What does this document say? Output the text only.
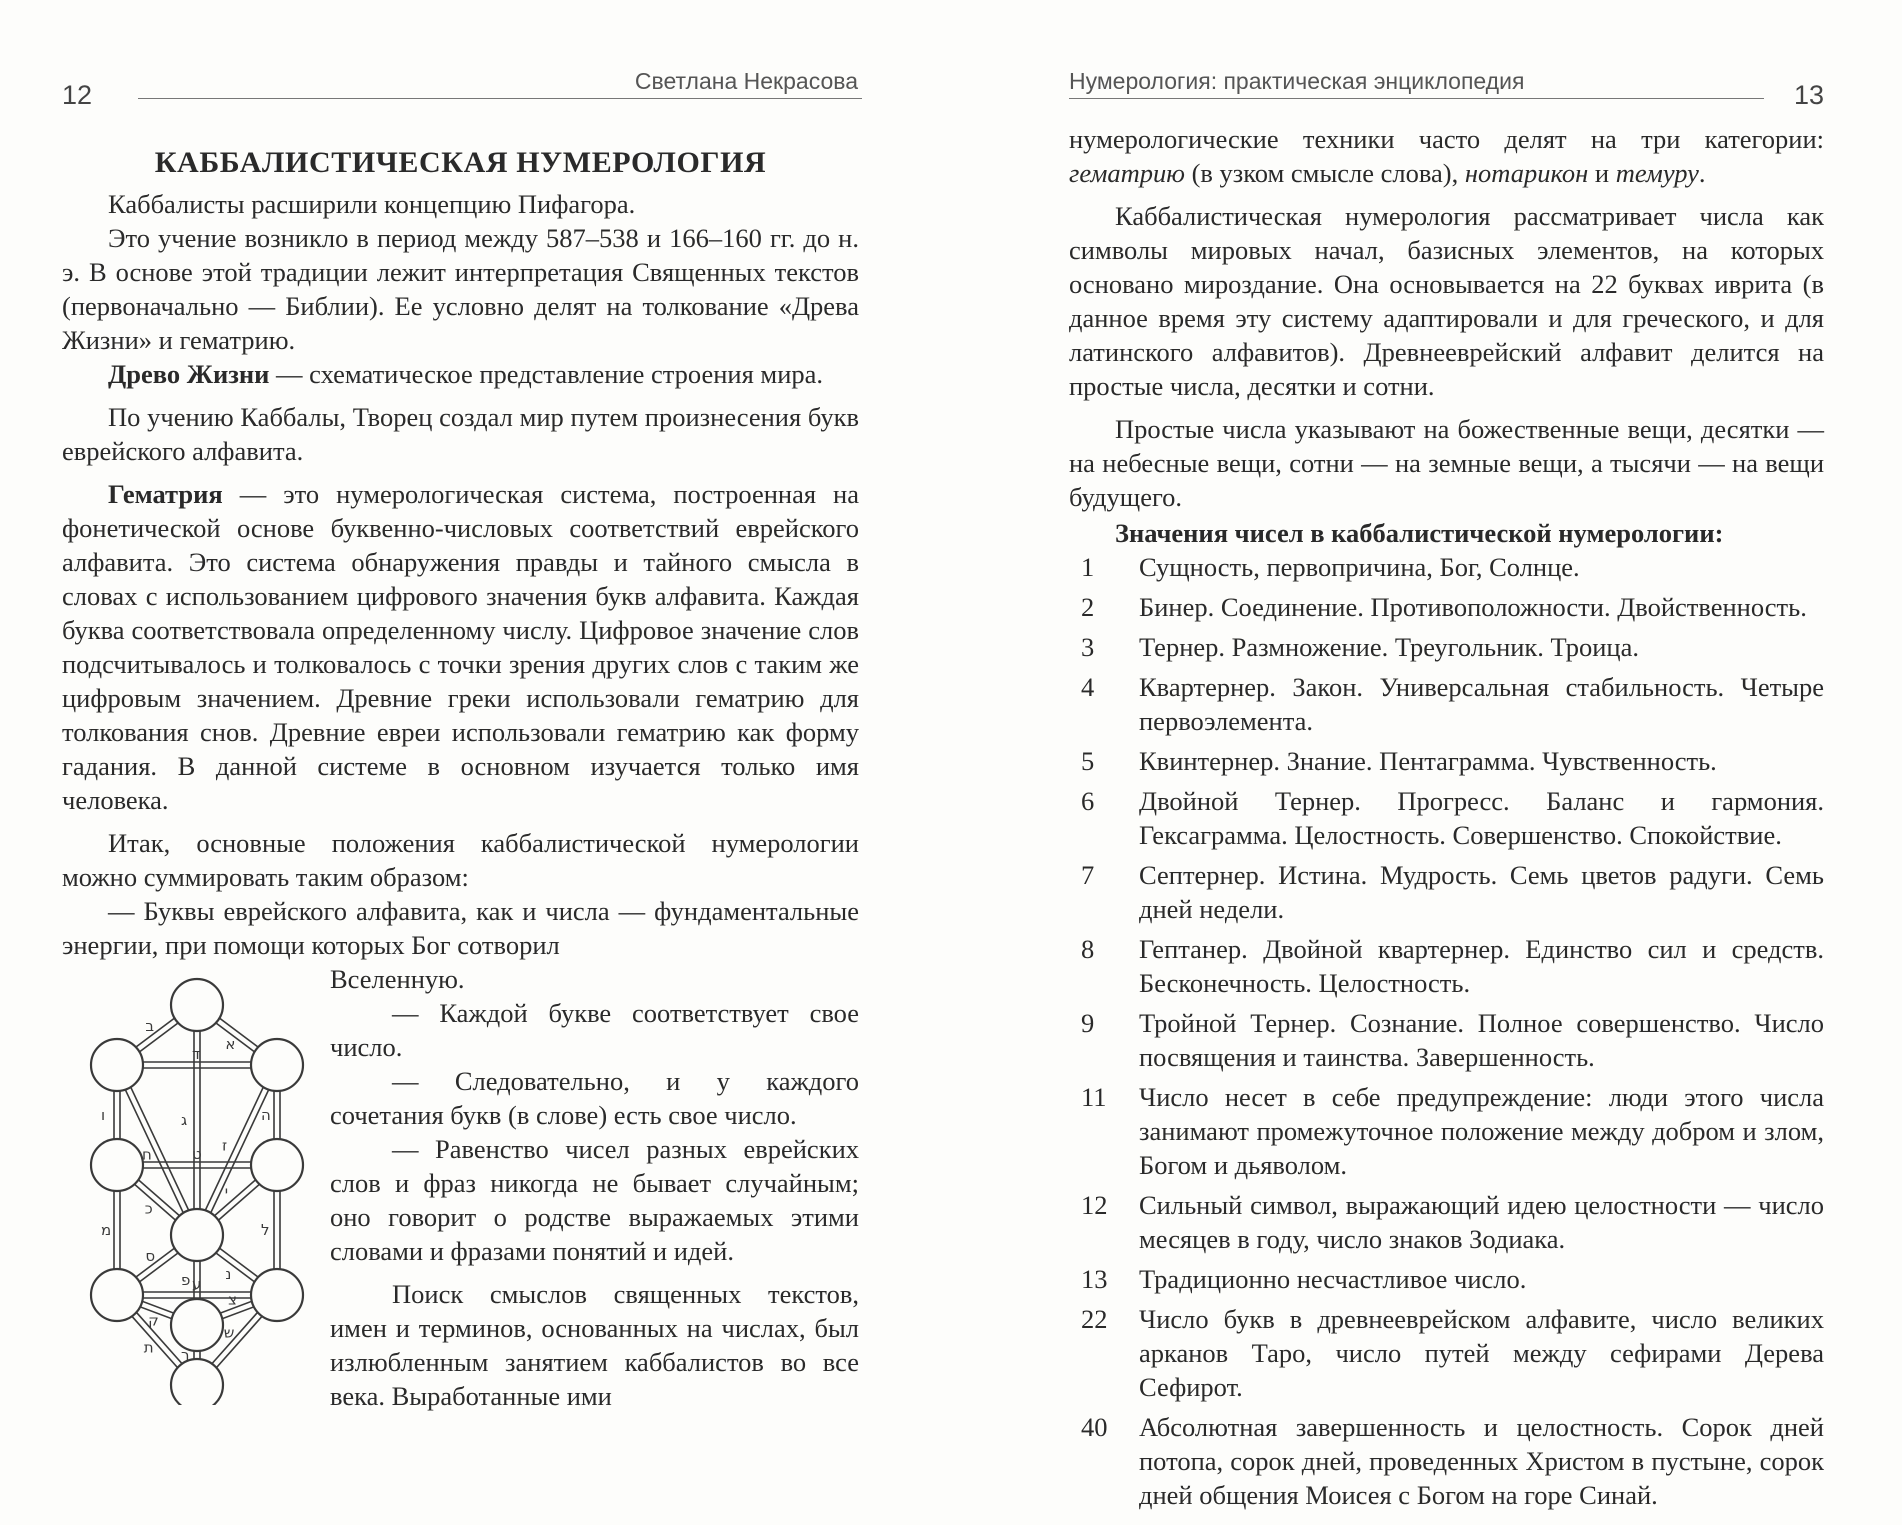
12	Светлана Некрасова
КАББАЛИСТИЧЕСКАЯ НУМЕРОЛОГИЯ

Каббалисты расширили концепцию Пифагора.

Это учение возникло в период между 587–538 и 166–160 гг. до н. э. В основе этой традиции лежит интерпретация Священных текстов (первоначально — Библии). Ее условно делят на толкование «Древа Жизни» и гематрию.

Древо Жизни — схематическое представление строения мира.

По учению Каббалы, Творец создал мир путем произнесения букв еврейского алфавита.

Гематрия — это нумерологическая система, построенная на фонетической основе буквенно-числовых соответствий еврейского алфавита. Это система обнаружения правды и тайного смысла в словах с использованием цифрового значения букв алфавита. Каждая буква соответствовала определенному числу. Цифровое значение слов подсчитывалось и толковалось с точки зрения других слов с таким же цифровым значением. Древние греки использовали гематрию для толкования снов. Древние евреи использовали гематрию как форму гадания. В данной системе в основном изучается только имя человека.

Итак, основные положения каббалистической нумерологии можно суммировать таким образом:

— Буквы еврейского алфавита, как и числа — фундаментальные энергии, при помощи которых Бог сотворил

א
ב
ג
ד
ה
ו
ז
ח	ט
י
כ
ל
מ
נ
ס
ע
פ
צ
ק
ר
ש
ת

Вселенную.

— Каждой букве соответствует свое число.

— Следовательно, и у каждого сочетания букв (в слове) есть свое число.

— Равенство чисел разных еврейских слов и фраз никогда не бывает случайным; оно говорит о родстве выражаемых этими словами и фразами понятий и идей.

Поиск смыслов священных текстов, имен и терминов, основанных на числах, был излюбленным занятием каббалистов во все века. Выработанные ими

Нумерология: практическая энциклопедия	13

нумерологические техники часто делят на три категории: гематрию (в узком смысле слова), нотарикон и темуру.

Каббалистическая нумерология рассматривает числа как символы мировых начал, базисных элементов, на которых основано мироздание. Она основывается на 22 буквах иврита (в данное время эту систему адаптировали и для греческого, и для латинского алфавитов). Древнееврейский алфавит делится на простые числа, десятки и сотни.

Простые числа указывают на божественные вещи, десятки — на небесные вещи, сотни — на земные вещи, а тысячи — на вещи будущего.

Значения чисел в каббалистической нумерологии:

1	Сущность, первопричина, Бог, Солнце.
2	Бинер. Соединение. Противоположности. Двойственность.
3	Тернер. Размножение. Треугольник. Троица.
4	Квартернер. Закон. Универсальная стабильность. Четыре первоэлемента.
5	Квинтернер. Знание. Пентаграмма. Чувственность.
6	Двойной Тернер. Прогресс. Баланс и гармония. Гексаграмма. Целостность. Совершенство. Спокойствие.
7	Септернер. Истина. Мудрость. Семь цветов радуги. Семь дней недели.
8	Гептанер. Двойной квартернер. Единство сил и средств. Бесконечность. Целостность.
9	Тройной Тернер. Сознание. Полное совершенство. Число посвящения и таинства. Завершенность.
11	Число несет в себе предупреждение: люди этого числа занимают промежуточное положение между добром и злом, Богом и дьяволом.
12	Сильный символ, выражающий идею целостности — число месяцев в году, число знаков Зодиака.
13	Традиционно несчастливое число.
22	Число букв в древнееврейском алфавите, число великих арканов Таро, число путей между сефирами Дерева Сефирот.
40	Абсолютная завершенность и целостность. Сорок дней потопа, сорок дней, проведенных Христом в пустыне, сорок дней общения Моисея с Богом на горе Синай.
